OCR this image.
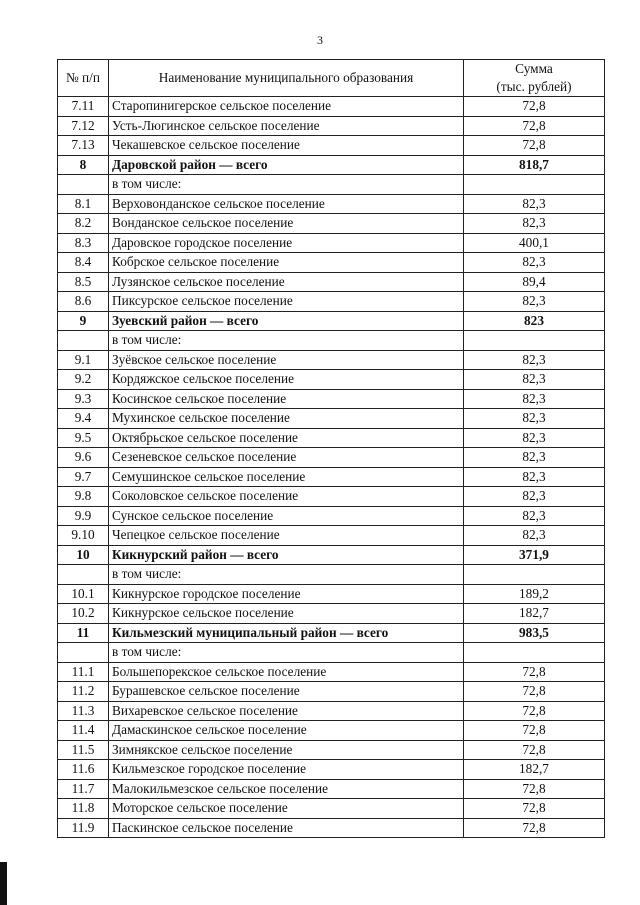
3
№ п/п	Наименование муниципального образования	Сумма
(тыс. рублей)
7.11	Старопинигерское сельское поселение	72,8
7.12	Усть-Люгинское сельское поселение	72,8
7.13	Чекашевское сельское поселение	72,8
8	Даровской район — всего	818,7
	в том числе:	
8.1	Верховонданское сельское поселение	82,3
8.2	Вонданское сельское поселение	82,3
8.3	Даровское городское поселение	400,1
8.4	Кобрское сельское поселение	82,3
8.5	Лузянское сельское поселение	89,4
8.6	Пиксурское сельское поселение	82,3
9	Зуевский район — всего	823
	в том числе:	
9.1	Зуёвское сельское поселение	82,3
9.2	Кордяжское сельское поселение	82,3
9.3	Косинское сельское поселение	82,3
9.4	Мухинское сельское поселение	82,3
9.5	Октябрьское сельское поселение	82,3
9.6	Сезеневское сельское поселение	82,3
9.7	Семушинское сельское поселение	82,3
9.8	Соколовское сельское поселение	82,3
9.9	Сунское сельское поселение	82,3
9.10	Чепецкое сельское поселение	82,3
10	Кикнурский район — всего	371,9
	в том числе:	
10.1	Кикнурское городское поселение	189,2
10.2	Кикнурское сельское поселение	182,7
11	Кильмезский муниципальный район — всего	983,5
	в том числе:	
11.1	Большепорекское сельское поселение	72,8
11.2	Бурашевское сельское поселение	72,8
11.3	Вихаревское сельское поселение	72,8
11.4	Дамаскинское сельское поселение	72,8
11.5	Зимнякское сельское поселение	72,8
11.6	Кильмезское городское поселение	182,7
11.7	Малокильмезское сельское поселение	72,8
11.8	Моторское сельское поселение	72,8
11.9	Паскинское сельское поселение	72,8
